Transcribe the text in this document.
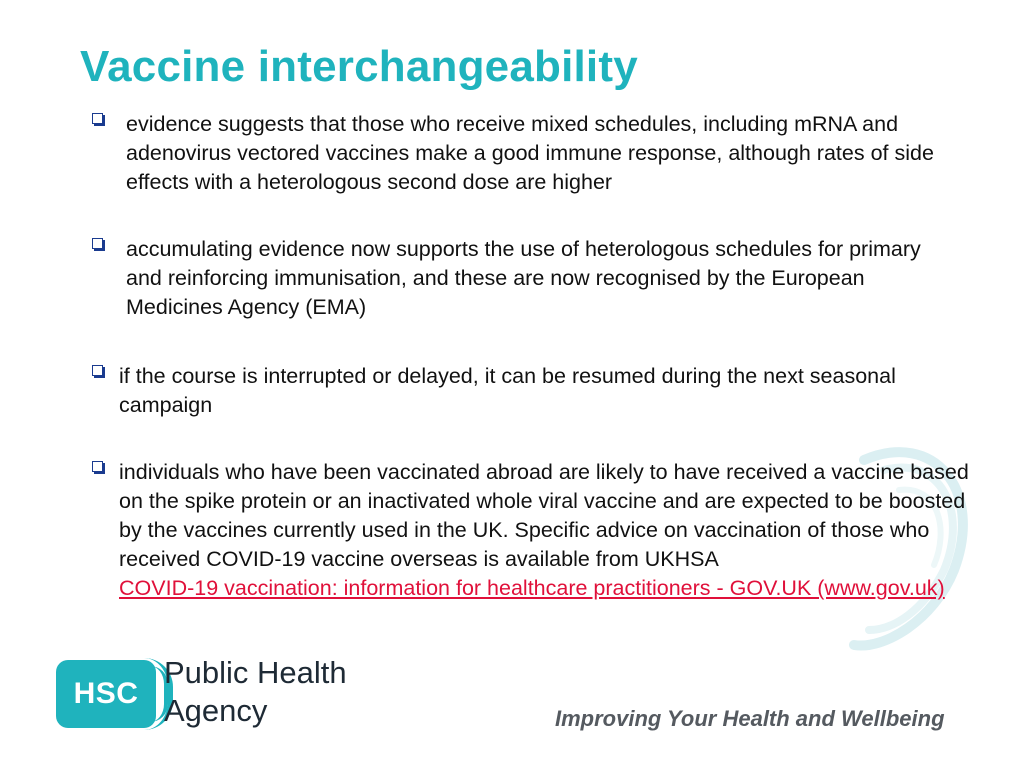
Vaccine interchangeability
evidence suggests that those who receive mixed schedules, including mRNA and adenovirus vectored vaccines make a good immune response, although rates of side effects with a heterologous second dose are higher
accumulating evidence now supports the use of heterologous schedules for primary and reinforcing immunisation, and these are now recognised by the European Medicines Agency (EMA)
if the course is interrupted or delayed, it can be resumed during the next seasonal campaign
individuals who have been vaccinated abroad are likely to have received a vaccine based on the spike protein or an inactivated whole viral vaccine and are expected to be boosted by the vaccines currently used in the UK. Specific advice on vaccination of those who received COVID-19 vaccine overseas is available from UKHSA
COVID-19 vaccination: information for healthcare practitioners - GOV.UK (www.gov.uk)
HSC
Public Health
Agency	Improving Your Health and Wellbeing
